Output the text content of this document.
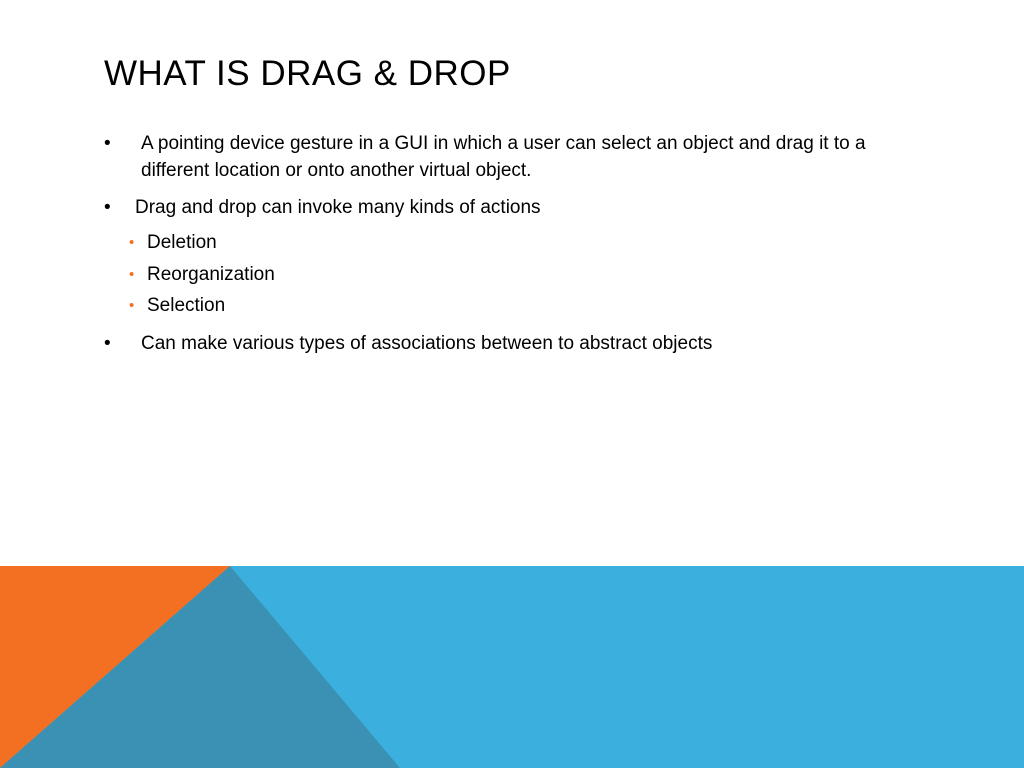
WHAT IS DRAG & DROP
•	A pointing device gesture in a GUI in which a user can select an object and drag it to a different location or onto another virtual object.
•	Drag and drop can invoke many kinds of actions
• Deletion
• Reorganization
• Selection
•	Can make various types of associations between to abstract objects
